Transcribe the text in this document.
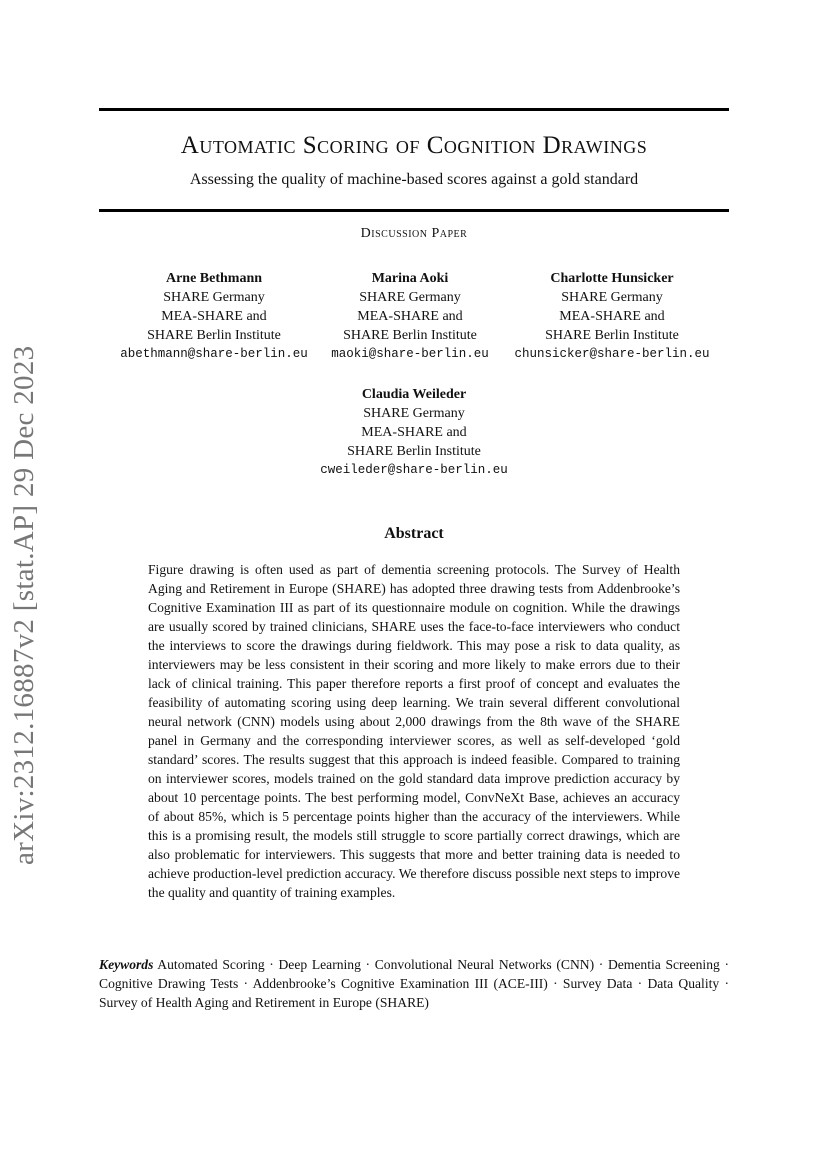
arXiv:2312.16887v2 [stat.AP] 29 Dec 2023
Automatic Scoring of Cognition Drawings
Assessing the quality of machine-based scores against a gold standard
Discussion Paper
Arne Bethmann
SHARE Germany
MEA-SHARE and
SHARE Berlin Institute
abethmann@share-berlin.eu
Marina Aoki
SHARE Germany
MEA-SHARE and
SHARE Berlin Institute
maoki@share-berlin.eu
Charlotte Hunsicker
SHARE Germany
MEA-SHARE and
SHARE Berlin Institute
chunsicker@share-berlin.eu
Claudia Weileder
SHARE Germany
MEA-SHARE and
SHARE Berlin Institute
cweileder@share-berlin.eu
Abstract
Figure drawing is often used as part of dementia screening protocols. The Survey of Health Aging and Retirement in Europe (SHARE) has adopted three drawing tests from Addenbrooke’s Cognitive Examination III as part of its questionnaire module on cognition. While the drawings are usually scored by trained clinicians, SHARE uses the face-to-face interviewers who conduct the interviews to score the drawings during fieldwork. This may pose a risk to data quality, as interviewers may be less consistent in their scoring and more likely to make errors due to their lack of clinical training. This paper therefore reports a first proof of concept and evaluates the feasibility of automating scoring using deep learning. We train several different convolutional neural network (CNN) models using about 2,000 drawings from the 8th wave of the SHARE panel in Germany and the corresponding interviewer scores, as well as self-developed ‘gold standard’ scores. The results suggest that this approach is indeed feasible. Compared to training on interviewer scores, models trained on the gold standard data improve prediction accuracy by about 10 percentage points. The best performing model, ConvNeXt Base, achieves an accuracy of about 85%, which is 5 percentage points higher than the accuracy of the interviewers. While this is a promising result, the models still struggle to score partially correct drawings, which are also problematic for interviewers. This suggests that more and better training data is needed to achieve production-level prediction accuracy. We therefore discuss possible next steps to improve the quality and quantity of training examples.
Keywords Automated Scoring · Deep Learning · Convolutional Neural Networks (CNN) · Dementia Screening · Cognitive Drawing Tests · Addenbrooke’s Cognitive Examination III (ACE-III) · Survey Data · Data Quality · Survey of Health Aging and Retirement in Europe (SHARE)
